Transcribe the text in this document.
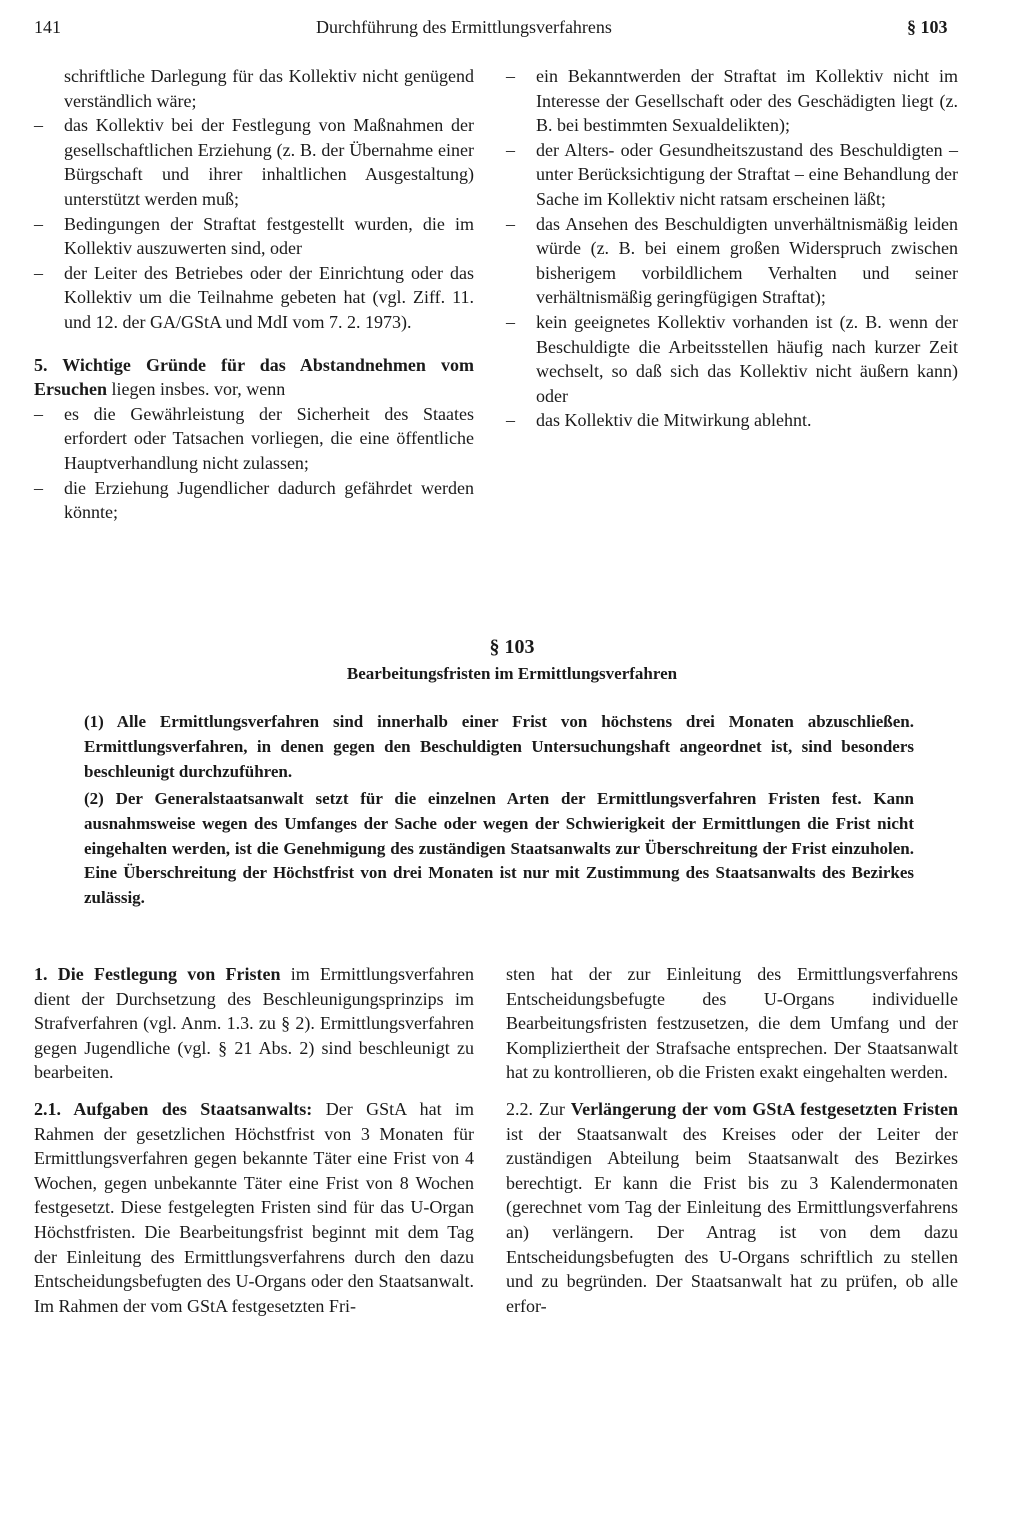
141	Durchführung des Ermittlungsverfahrens	§ 103

schriftliche Darlegung für das Kollektiv nicht genügend verständlich wäre;

– das Kollektiv bei der Festlegung von Maßnahmen der gesellschaftlichen Erziehung (z. B. der Übernahme einer Bürgschaft und ihrer inhaltlichen Ausgestaltung) unterstützt werden muß;
– Bedingungen der Straftat festgestellt wurden, die im Kollektiv auszuwerten sind, oder
– der Leiter des Betriebes oder der Einrichtung oder das Kollektiv um die Teilnahme gebeten hat (vgl. Ziff. 11. und 12. der GA/GStA und MdI vom 7. 2. 1973).

5. Wichtige Gründe für das Abstandnehmen vom Ersuchen liegen insbes. vor, wenn

– es die Gewährleistung der Sicherheit des Staates erfordert oder Tatsachen vorliegen, die eine öffentliche Hauptverhandlung nicht zulassen;
– die Erziehung Jugendlicher dadurch gefährdet werden könnte;
– ein Bekanntwerden der Straftat im Kollektiv nicht im Interesse der Gesellschaft oder des Geschädigten liegt (z. B. bei bestimmten Sexualdelikten);
– der Alters- oder Gesundheitszustand des Beschuldigten – unter Berücksichtigung der Straftat – eine Behandlung der Sache im Kollektiv nicht ratsam erscheinen läßt;
– das Ansehen des Beschuldigten unverhältnismäßig leiden würde (z. B. bei einem großen Widerspruch zwischen bisherigem vorbildlichem Verhalten und seiner verhältnismäßig geringfügigen Straftat);
– kein geeignetes Kollektiv vorhanden ist (z. B. wenn der Beschuldigte die Arbeitsstellen häufig nach kurzer Zeit wechselt, so daß sich das Kollektiv nicht äußern kann) oder
– das Kollektiv die Mitwirkung ablehnt.
§ 103
Bearbeitungsfristen im Ermittlungsverfahren
(1) Alle Ermittlungsverfahren sind innerhalb einer Frist von höchstens drei Monaten abzuschließen. Ermittlungsverfahren, in denen gegen den Beschuldigten Untersuchungshaft angeordnet ist, sind besonders beschleunigt durchzuführen.
(2) Der Generalstaatsanwalt setzt für die einzelnen Arten der Ermittlungsverfahren Fristen fest. Kann ausnahmsweise wegen des Umfanges der Sache oder wegen der Schwierigkeit der Ermittlungen die Frist nicht eingehalten werden, ist die Genehmigung des zuständigen Staatsanwalts zur Überschreitung der Frist einzuholen. Eine Überschreitung der Höchstfrist von drei Monaten ist nur mit Zustimmung des Staatsanwalts des Bezirkes zulässig.

1. Die Festlegung von Fristen im Ermittlungsverfahren dient der Durchsetzung des Beschleunigungsprinzips im Strafverfahren (vgl. Anm. 1.3. zu § 2). Ermittlungsverfahren gegen Jugendliche (vgl. § 21 Abs. 2) sind beschleunigt zu bearbeiten.

2.1. Aufgaben des Staatsanwalts: Der GStA hat im Rahmen der gesetzlichen Höchstfrist von 3 Monaten für Ermittlungsverfahren gegen bekannte Täter eine Frist von 4 Wochen, gegen unbekannte Täter eine Frist von 8 Wochen festgesetzt. Diese festgelegten Fristen sind für das U-Organ Höchstfristen. Die Bearbeitungsfrist beginnt mit dem Tag der Einleitung des Ermittlungsverfahrens durch den dazu Entscheidungsbefugten des U-Organs oder den Staatsanwalt. Im Rahmen der vom GStA festgesetzten Fri-

sten hat der zur Einleitung des Ermittlungsverfahrens Entscheidungsbefugte des U-Organs individuelle Bearbeitungsfristen festzusetzen, die dem Umfang und der Kompliziertheit der Strafsache entsprechen. Der Staatsanwalt hat zu kontrollieren, ob die Fristen exakt eingehalten werden.

2.2. Zur Verlängerung der vom GStA festgesetzten Fristen ist der Staatsanwalt des Kreises oder der Leiter der zuständigen Abteilung beim Staatsanwalt des Bezirkes berechtigt. Er kann die Frist bis zu 3 Kalendermonaten (gerechnet vom Tag der Einleitung des Ermittlungsverfahrens an) verlängern. Der Antrag ist von dem dazu Entscheidungsbefugten des U-Organs schriftlich zu stellen und zu begründen. Der Staatsanwalt hat zu prüfen, ob alle erfor-
